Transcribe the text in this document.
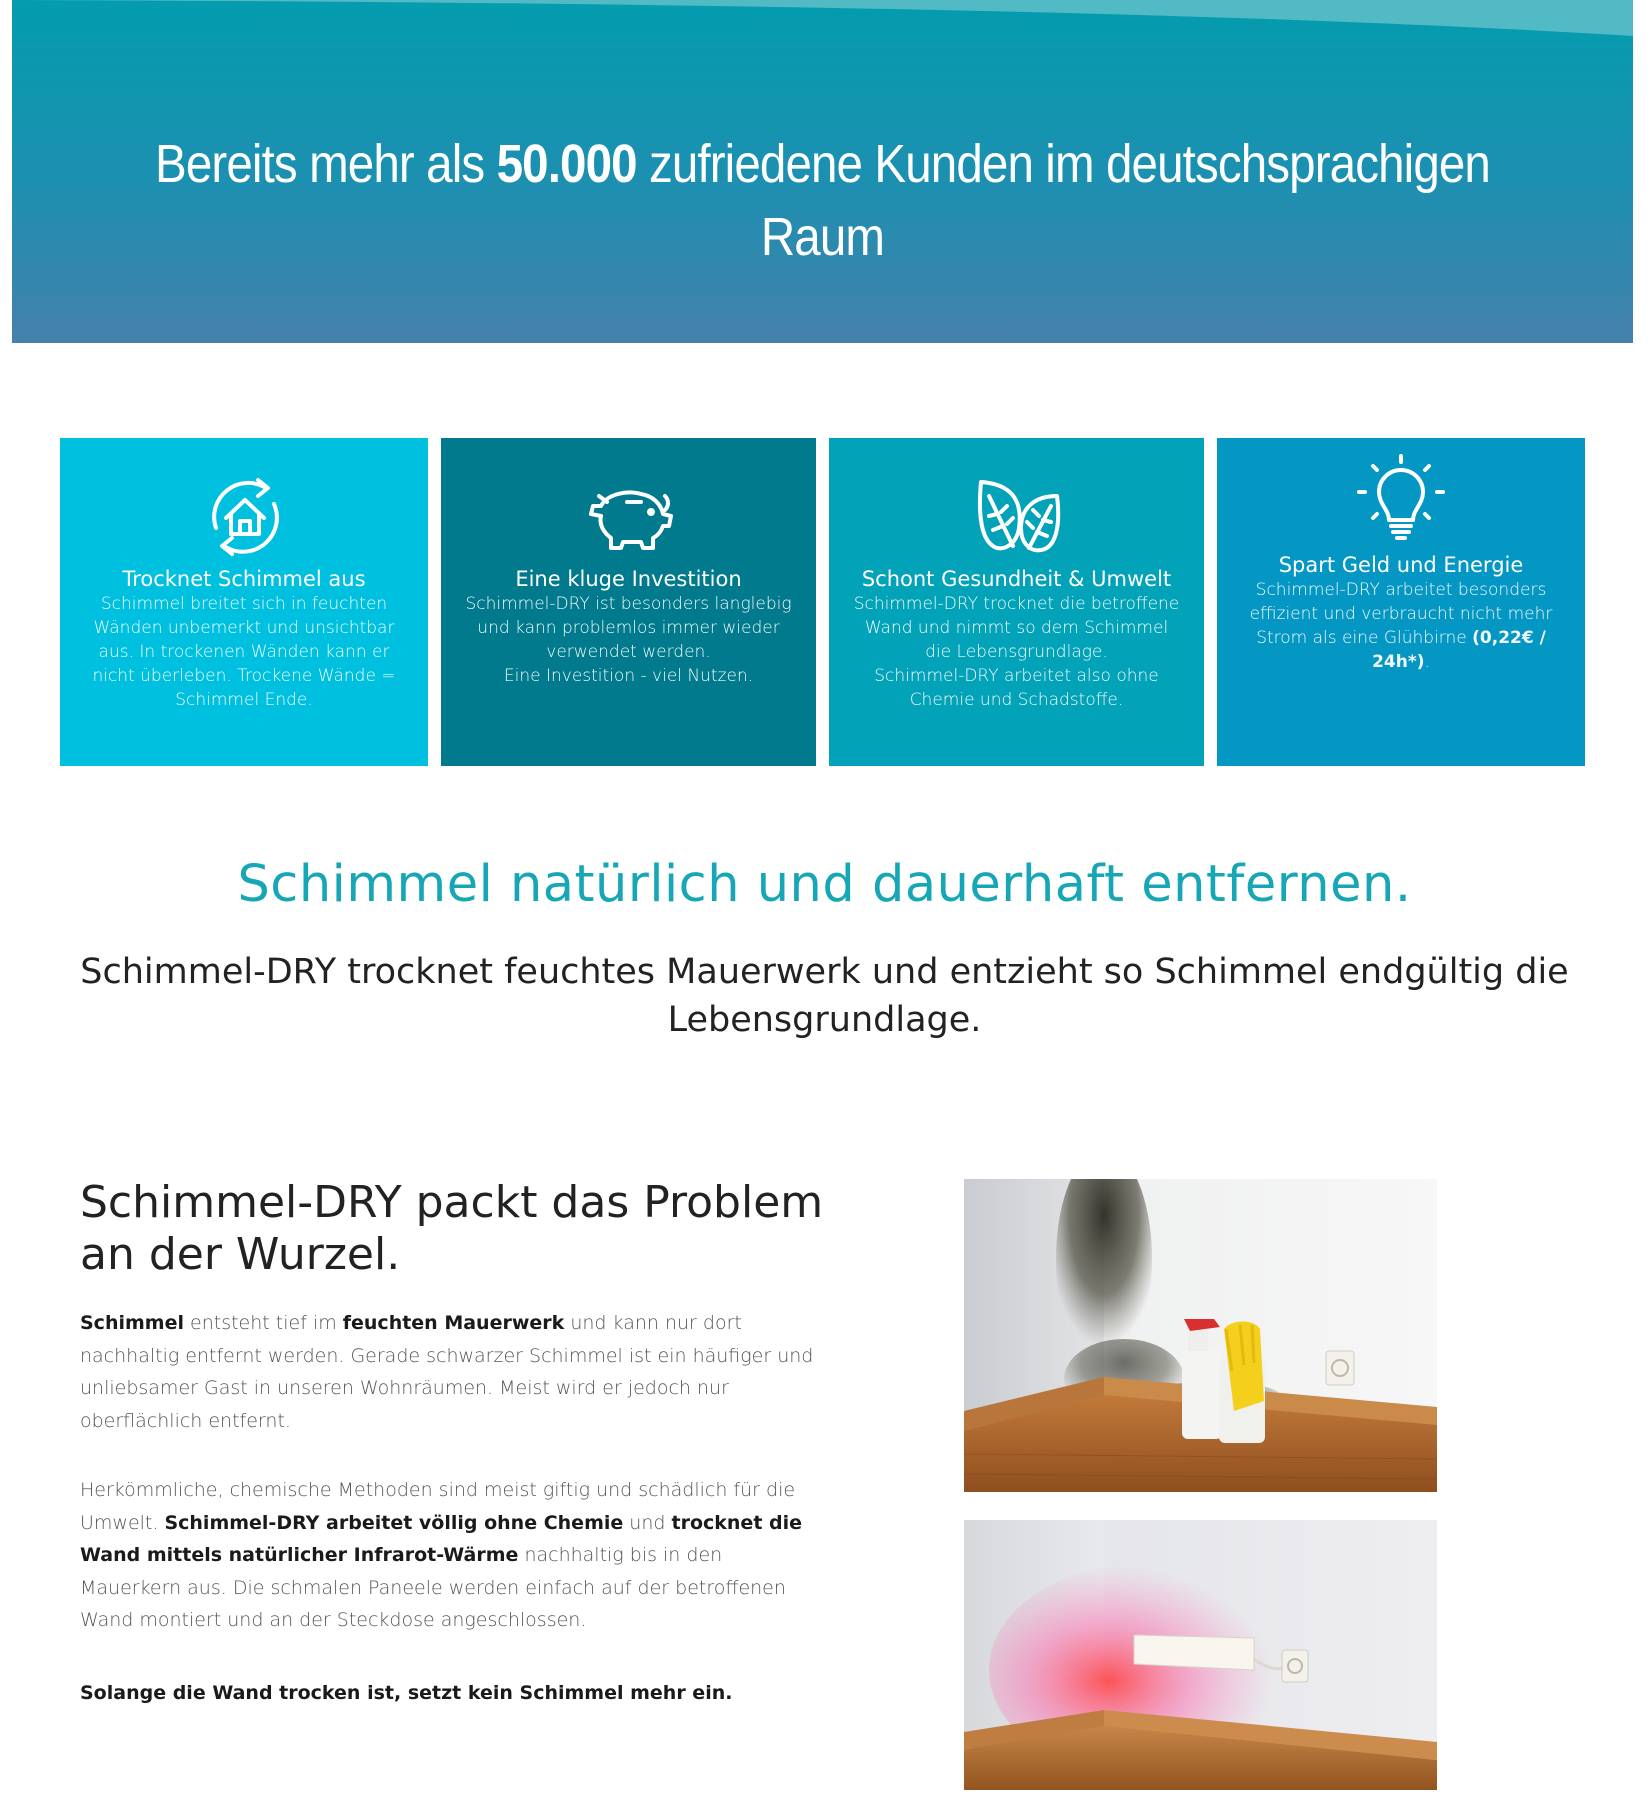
Bereits mehr als 50.000 zufriedene Kunden im deutschsprachigen Raum
Trocknet Schimmel aus

Schimmel breitet sich in feuchten Wänden unbemerkt und unsichtbar aus. In trockenen Wänden kann er nicht überleben. Trockene Wände = Schimmel Ende.

Eine kluge Investition

Schimmel-DRY ist besonders langlebig und kann problemlos immer wieder verwendet werden.

Eine Investition - viel Nutzen.

Schont Gesundheit & Umwelt

Schimmel-DRY trocknet die betroffene Wand und nimmt so dem Schimmel die Lebensgrundlage.

Schimmel-DRY arbeitet also ohne Chemie und Schadstoffe.

Spart Geld und Energie

Schimmel-DRY arbeitet besonders effizient und verbraucht nicht mehr Strom als eine Glühbirne (0,22€ / 24h*).

Schimmel natürlich und dauerhaft entfernen.

Schimmel-DRY trocknet feuchtes Mauerwerk und entzieht so Schimmel endgültig die Lebensgrundlage.

Schimmel-DRY packt das Problem an der Wurzel.

Schimmel entsteht tief im feuchten Mauerwerk und kann nur dort nachhaltig entfernt werden. Gerade schwarzer Schimmel ist ein häufiger und unliebsamer Gast in unseren Wohnräumen. Meist wird er jedoch nur oberflächlich entfernt.

Herkömmliche, chemische Methoden sind meist giftig und schädlich für die Umwelt. Schimmel-DRY arbeitet völlig ohne Chemie und trocknet die Wand mittels natürlicher Infrarot-Wärme nachhaltig bis in den Mauerkern aus. Die schmalen Paneele werden einfach auf der betroffenen Wand montiert und an der Steckdose angeschlossen.

Solange die Wand trocken ist, setzt kein Schimmel mehr ein.
